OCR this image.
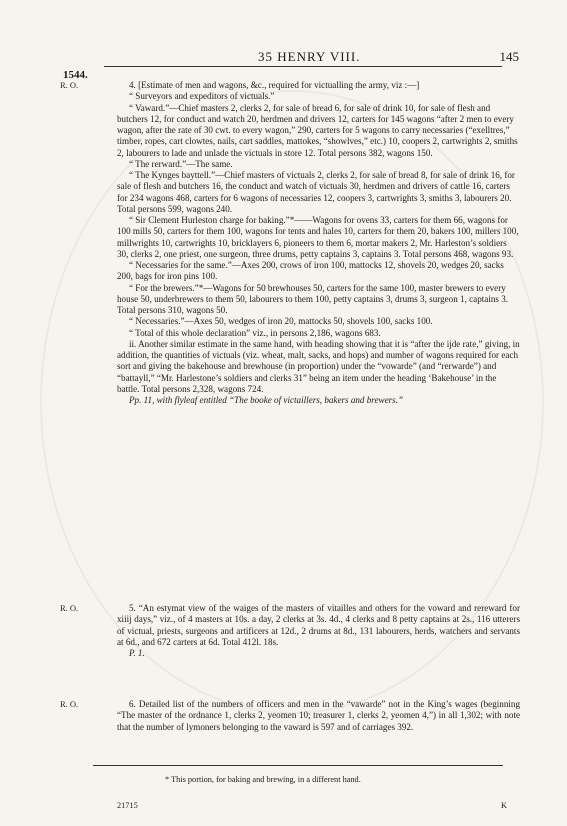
35 HENRY VIII.	145
1544.
R. O.	4. [Estimate of men and wagons, &c., required for victualling the army, viz :—]

“ Surveyors and expeditors of victuals.”

“ Vaward.”—Chief masters 2, clerks 2, for sale of bread 6, for sale of drink 10, for sale of flesh and butchers 12, for conduct and watch 20, herdmen and drivers 12, carters for 145 wagons “after 2 men to every wagon, after the rate of 30 cwt. to every wagon,” 290, carters for 5 wagons to carry necessaries (“exelltres,” timber, ropes, cart clowtes, nails, cart saddles, mattokes, “showlves,” etc.) 10, coopers 2, cartwrights 2, smiths 2, labourers to lade and unlade the victuals in store 12. Total persons 382, wagons 150.

“ The rerward.”—The same.

“ The Kynges bayttell.”—Chief masters of victuals 2, clerks 2, for sale of bread 8, for sale of drink 16, for sale of flesh and butchers 16, the conduct and watch of victuals 30, herdmen and drivers of cattle 16, carters for 234 wagons 468, carters for 6 wagons of necessaries 12, coopers 3, cartwrights 3, smiths 3, labourers 20. Total persons 599, wagons 240.

“ Sir Clement Hurleston charge for baking.”*——Wagons for ovens 33, carters for them 66, wagons for 100 mills 50, carters for them 100, wagons for tents and hales 10, carters for them 20, bakers 100, millers 100, millwrights 10, cartwrights 10, bricklayers 6, pioneers to them 6, mortar makers 2, Mr. Harleston’s soldiers 30, clerks 2, one priest, one surgeon, three drums, petty captains 3, captains 3. Total persons 468, wagons 93.

“ Necessaries for the same.”—Axes 200, crows of iron 100, mattocks 12, shovels 20, wedges 20, sacks 200, bags for iron pins 100.

“ For the brewers.”*—Wagons for 50 brewhouses 50, carters for the same 100, master brewers to every house 50, underbrewers to them 50, labourers to them 100, petty captains 3, drums 3, surgeon 1, captains 3. Total persons 310, wagons 50.

“ Necessaries.”—Axes 50, wedges of iron 20, mattocks 50, shovels 100, sacks 100.

“ Total of this whole declaration” viz., in persons 2,186, wagons 683.

ii. Another similar estimate in the same hand, with heading showing that it is “after the ijde rate,” giving, in addition, the quantities of victuals (viz. wheat, malt, sacks, and hops) and number of wagons required for each sort and giving the bakehouse and brewhouse (in proportion) under the “vowarde” (and “rerwarde”) and “battayll,” “Mr. Harlestone’s soldiers and clerks 31” being an item under the heading ‘Bakehouse’ in the battle. Total persons 2,328, wagons 724.

Pp. 11, with flyleaf entitled “The booke of victaillers, bakers and brewers.”

R. O.	5. “An estymat view of the waiges of the masters of vitailles and others for the voward and rereward for xiiij days,” viz., of 4 masters at 10s. a day, 2 clerks at 3s. 4d., 4 clerks and 8 petty captains at 2s., 116 utterers of victual, priests, surgeons and artificers at 12d., 2 drums at 8d., 131 labourers, herds, watchers and servants at 6d., and 672 carters at 6d. Total 412l. 18s.

P. 1.

R. O.	6. Detailed list of the numbers of officers and men in the “vawarde” not in the King’s wages (beginning “The master of the ordnance 1, clerks 2, yeomen 10; treasurer 1, clerks 2, yeomen 4,”) in all 1,302; with note that the number of lymoners belonging to the vaward is 597 and of carriages 392.

* This portion, for baking and brewing, in a different hand.
21715	K
